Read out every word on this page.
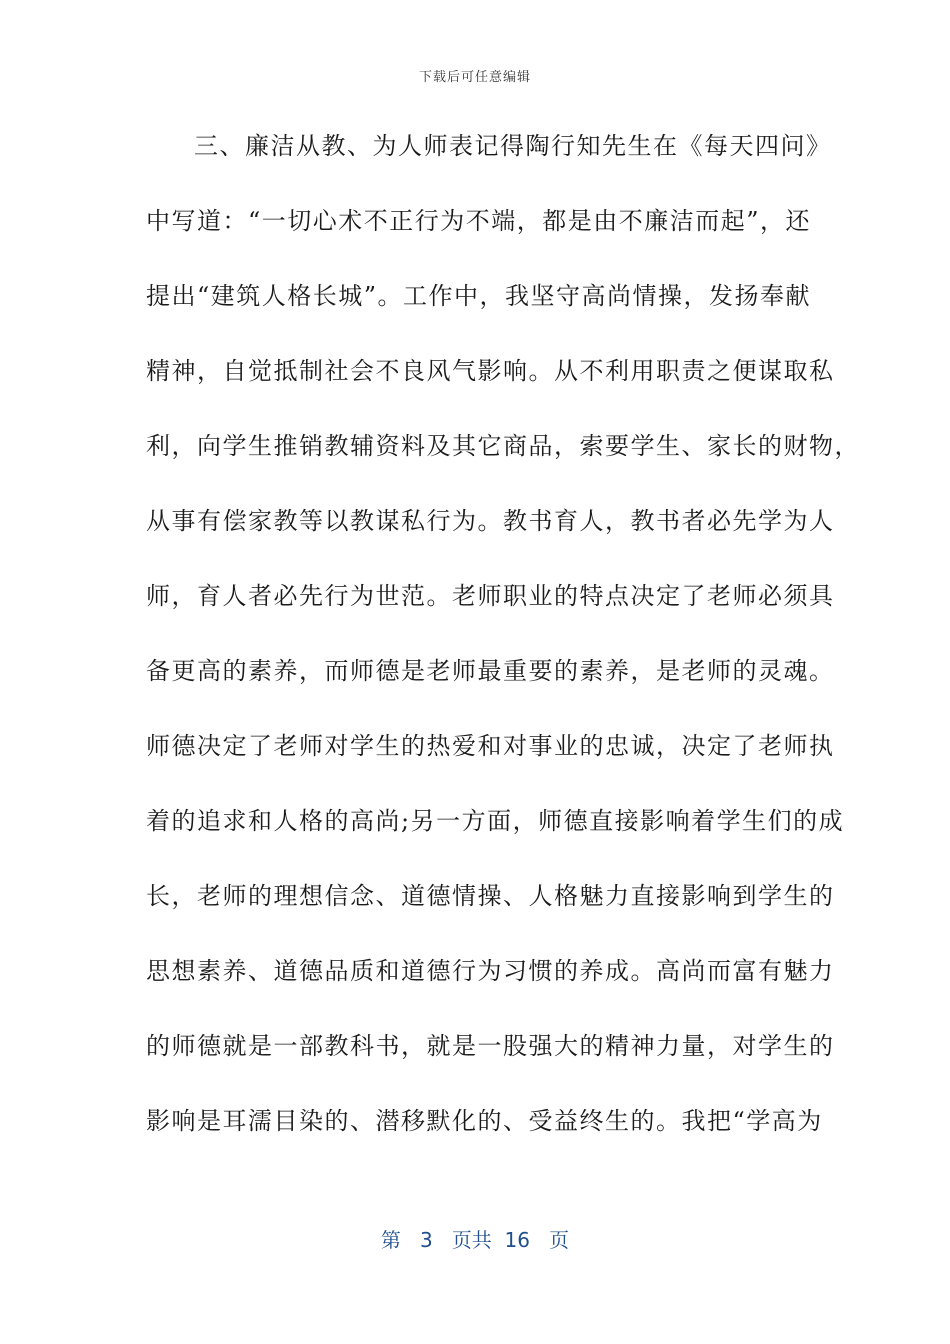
下载后可任意编辑
三、廉洁从教、为人师表记得陶行知先生在《每天四问》
中写道：“一切心术不正行为不端，都是由不廉洁而起”，还
提出“建筑人格长城”。工作中，我坚守高尚情操，发扬奉献
精神，自觉抵制社会不良风气影响。从不利用职责之便谋取私
利，向学生推销教辅资料及其它商品，索要学生、家长的财物，
从事有偿家教等以教谋私行为。教书育人，教书者必先学为人
师，育人者必先行为世范。老师职业的特点决定了老师必须具
备更高的素养，而师德是老师最重要的素养，是老师的灵魂。
师德决定了老师对学生的热爱和对事业的忠诚，决定了老师执
着的追求和人格的高尚;另一方面，师德直接影响着学生们的成
长，老师的理想信念、道德情操、人格魅力直接影响到学生的
思想素养、道德品质和道德行为习惯的养成。高尚而富有魅力
的师德就是一部教科书，就是一股强大的精神力量，对学生的
影响是耳濡目染的、潜移默化的、受益终生的。我把“学高为
第 3 页共 16 页
